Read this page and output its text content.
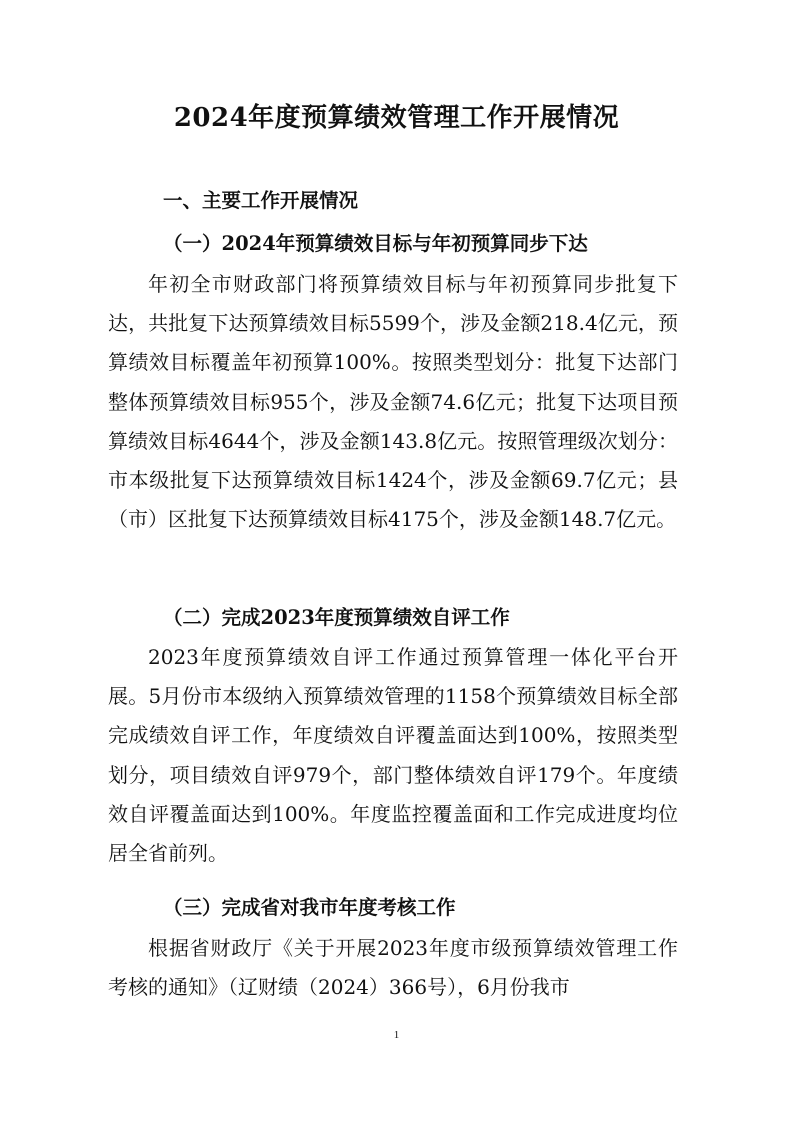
2024年度预算绩效管理工作开展情况
一、主要工作开展情况
（一）2024年预算绩效目标与年初预算同步下达
年初全市财政部门将预算绩效目标与年初预算同步批复下达，共批复下达预算绩效目标5599个，涉及金额218.4亿元，预算绩效目标覆盖年初预算100%。按照类型划分：批复下达部门整体预算绩效目标955个，涉及金额74.6亿元；批复下达项目预算绩效目标4644个，涉及金额143.8亿元。按照管理级次划分：市本级批复下达预算绩效目标1424个，涉及金额69.7亿元；县（市）区批复下达预算绩效目标4175个，涉及金额148.7亿元。
（二）完成2023年度预算绩效自评工作
2023年度预算绩效自评工作通过预算管理一体化平台开展。5月份市本级纳入预算绩效管理的1158个预算绩效目标全部完成绩效自评工作，年度绩效自评覆盖面达到100%，按照类型划分，项目绩效自评979个，部门整体绩效自评179个。年度绩效自评覆盖面达到100%。年度监控覆盖面和工作完成进度均位居全省前列。
（三）完成省对我市年度考核工作
根据省财政厅《关于开展2023年度市级预算绩效管理工作考核的通知》（辽财绩（2024）366号），6月份我市
1
